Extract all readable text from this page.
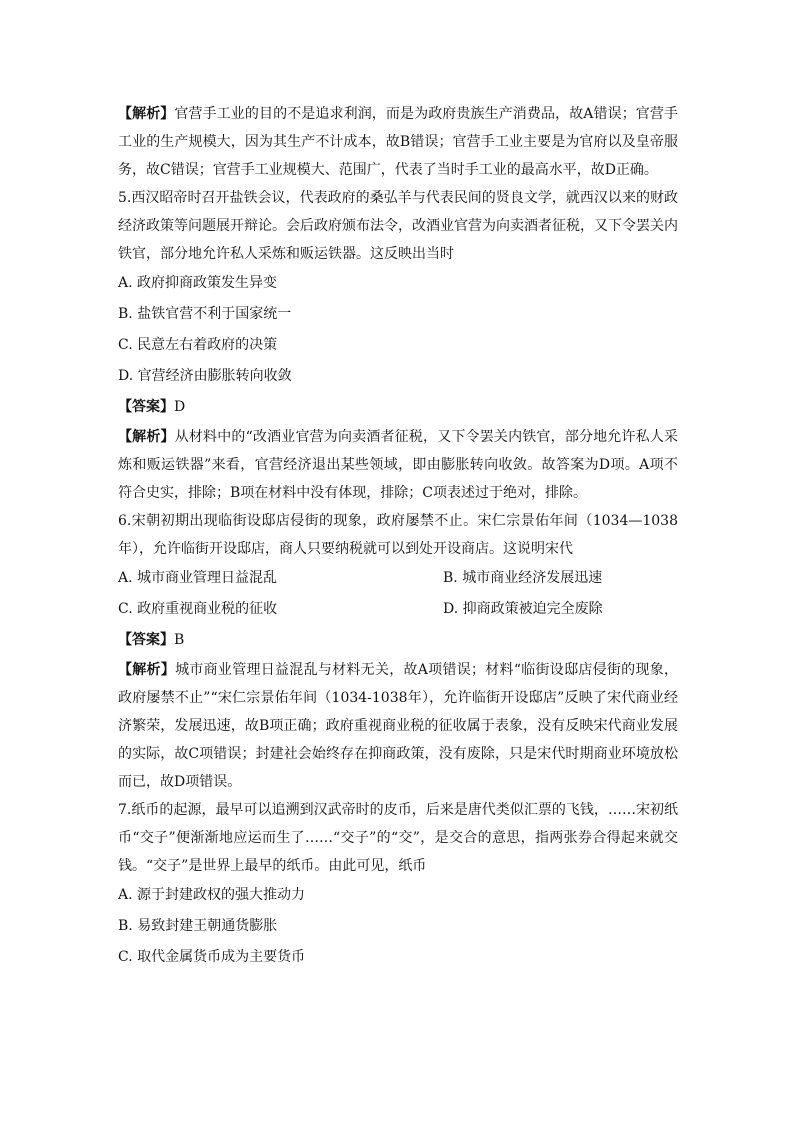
【解析】官营手工业的目的不是追求利润，而是为政府贵族生产消费品，故A错误；官营手工业的生产规模大，因为其生产不计成本，故B错误；官营手工业主要是为官府以及皇帝服务，故C错误；官营手工业规模大、范围广，代表了当时手工业的最高水平，故D正确。

5.西汉昭帝时召开盐铁会议，代表政府的桑弘羊与代表民间的贤良文学，就西汉以来的财政经济政策等问题展开辩论。会后政府颁布法令，改酒业官营为向卖酒者征税，又下令罢关内铁官，部分地允许私人采炼和贩运铁器。这反映出当时

A. 政府抑商政策发生异变
B. 盐铁官营不利于国家统一
C. 民意左右着政府的决策
D. 官营经济由膨胀转向收敛
【答案】D

【解析】从材料中的“改酒业官营为向卖酒者征税，又下令罢关内铁官，部分地允许私人采炼和贩运铁器”来看，官营经济退出某些领域，即由膨胀转向收敛。故答案为D项。A项不符合史实，排除；B项在材料中没有体现，排除；C项表述过于绝对，排除。

6.宋朝初期出现临街设邸店侵街的现象，政府屡禁不止。宋仁宗景佑年间（1034—1038年），允许临街开设邸店，商人只要纳税就可以到处开设商店。这说明宋代

A. 城市商业管理日益混乱	B. 城市商业经济发展迅速
C. 政府重视商业税的征收	D. 抑商政策被迫完全废除
【答案】B

【解析】城市商业管理日益混乱与材料无关，故A项错误；材料“临街设邸店侵街的现象，政府屡禁不止”“宋仁宗景佑年间（1034-1038年），允许临街开设邸店”反映了宋代商业经济繁荣，发展迅速，故B项正确；政府重视商业税的征收属于表象，没有反映宋代商业发展的实际，故C项错误；封建社会始终存在抑商政策，没有废除，只是宋代时期商业环境放松而已，故D项错误。

7.纸币的起源，最早可以追溯到汉武帝时的皮币，后来是唐代类似汇票的飞钱，……宋初纸币“交子”便渐渐地应运而生了……“交子”的“交”，是交合的意思，指两张券合得起来就交钱。“交子”是世界上最早的纸币。由此可见，纸币

A. 源于封建政权的强大推动力
B. 易致封建王朝通货膨胀
C. 取代金属货币成为主要货币
